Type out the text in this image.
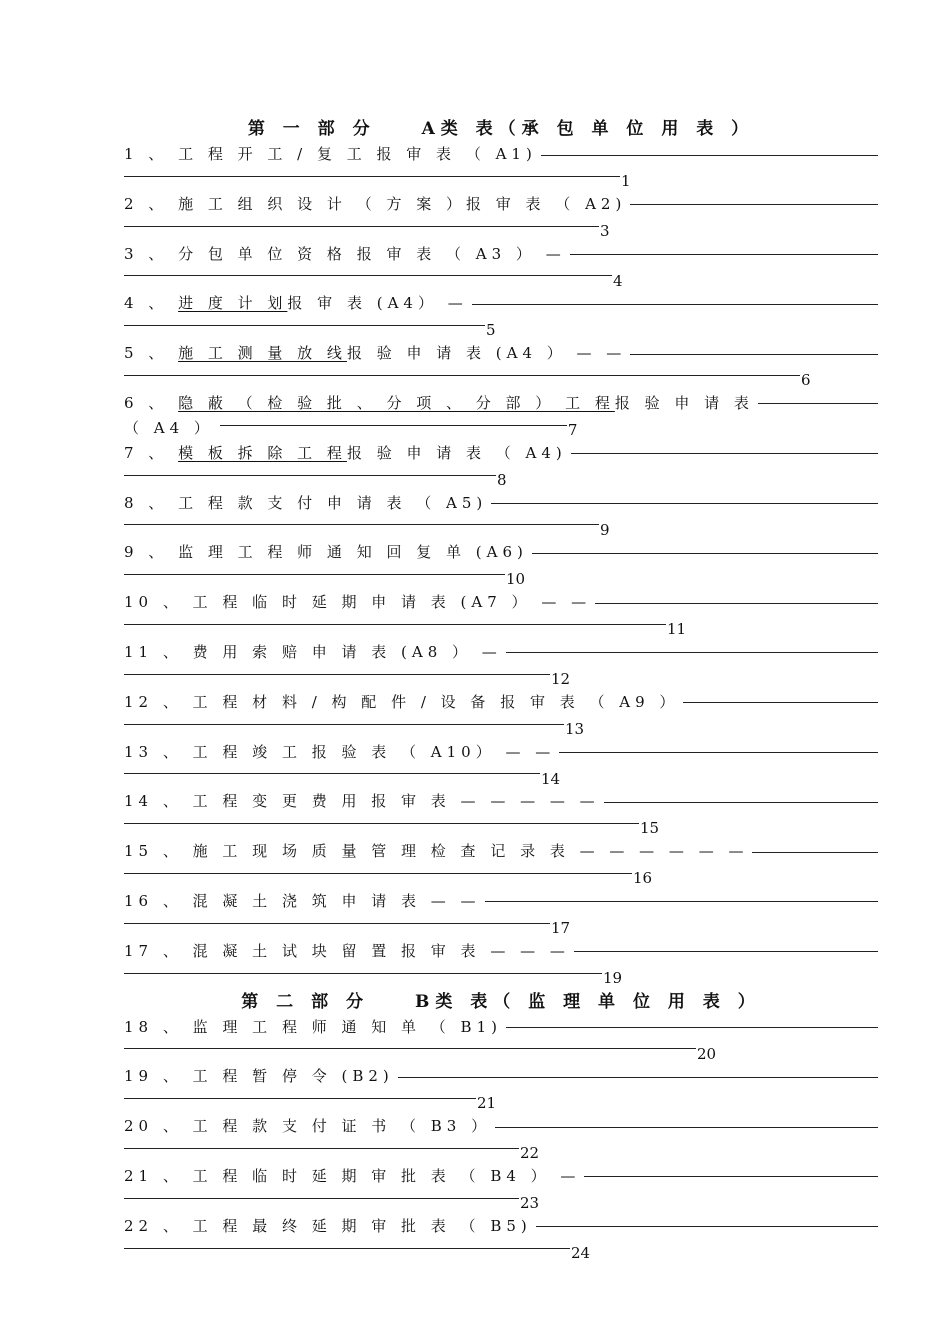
第 一 部 分　　A类 表（承 包 单 位 用 表 ）
1 、 工 程 开 工 / 复 工 报 审 表 （ A1)
1
2 、 施 工 组 织 设 计 （ 方 案 ）报 审 表 （ A2)
3
3 、 分 包 单 位 资 格 报 审 表 （ A3 ） —
4
4 、 进 度 计 划报 审 表 (A4） —
5
5 、 施 工 测 量 放 线报 验 申 请 表 (A4 ） — —
6
6 、 隐 蔽 （ 检 验 批 、 分 项 、 分 部 ） 工 程报 验 申 请 表
（ A4 ）	7
7 、 模 板 拆 除 工 程报 验 申 请 表 （ A4)
8
8 、 工 程 款 支 付 申 请 表 （ A5)
9
9 、 监 理 工 程 师 通 知 回 复 单 (A6)
10
10 、 工 程 临 时 延 期 申 请 表 (A7 ） — —
11
11 、 费 用 索 赔 申 请 表 (A8 ） —
12
12 、 工 程 材 料 / 构 配 件 / 设 备 报 审 表 （ A9 ）
13
13 、 工 程 竣 工 报 验 表 （ A10） — —
14
14 、 工 程 变 更 费 用 报 审 表 — — — — —
15
15 、 施 工 现 场 质 量 管 理 检 查 记 录 表 — — — — — —
16
16 、 混 凝 土 浇 筑 申 请 表 — —
17
17 、 混 凝 土 试 块 留 置 报 审 表 — — —
19
第 二 部 分　　B类 表（ 监 理 单 位 用 表 ）
18 、 监 理 工 程 师 通 知 单 （ B1)
20
19 、 工 程 暂 停 令 (B2)
21
20 、 工 程 款 支 付 证 书 （ B3 ）
22
21 、 工 程 临 时 延 期 审 批 表 （ B4 ） —
23
22 、 工 程 最 终 延 期 审 批 表 （ B5)
24
